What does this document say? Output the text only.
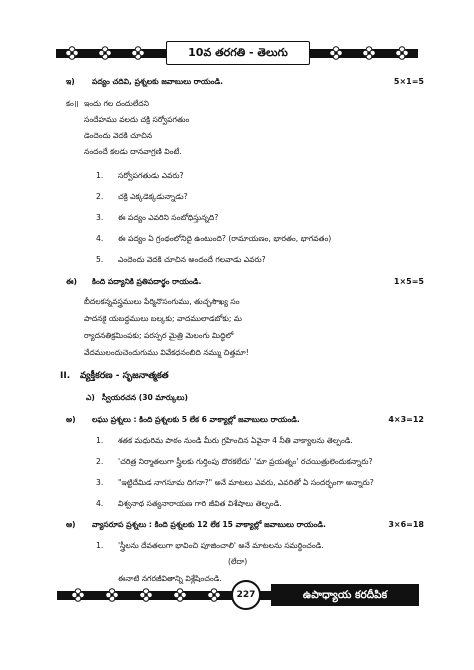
10వ తరగతి - తెలుగు
ఇ) పద్యం చదివి, ప్రశ్నలకు జవాబులు రాయండి.	5×1=5
కం॥ ఇందు గల దందులేదని
సందేహము వలదు చక్రి సర్వోపగతుం
డెందెందు వెదకి చూచిన
నందందే కలడు దానవాగ్రణి వింటే.
1. సర్వోపగతుడు ఎవరు?
2. చక్రి ఎక్కడెక్కడున్నాడు?
3. ఈ పద్యం ఎవరిని సంబోధిస్తున్నది?
4. ఈ పద్యం ఏ గ్రంథంలోనిదై ఉంటుంది? (రామాయణం, భారతం, భాగవతం)
5. ఎందెందు వెదకి చూచిన అందందే గలవాడు ఎవరు?
ఈ) కింది పద్యానికి ప్రతిపదార్థం రాయండి.	1×5=5
బీదలకన్నవస్త్రములు పేర్మినొసంగుము, తుచ్ఛసౌఖ్య సం
పాదనకై యబద్ధములు బల్కకు; వాదములాడబోకు; మ
ర్యాదనతిక్రమింపకు; పరస్పర మైత్రి మెలంగు మిద్ధిలో
వేదములందుచెందుగుము వివేకధనంబిది నమ్ము చిత్తమా!
II. వ్యక్తీకరణ - సృజనాత్మకత
ఎ) స్వీయరచన (30 మార్కులు)
అ) లఘు ప్రశ్నలు : కింది ప్రశ్నలకు 5 లేక 6 వాక్యాల్లో జవాబులు రాయండి.	4×3=12
1. శతక మధురిమ పాఠం నుండి మీరు గ్రహించిన ఏవైనా 4 నీతి వాక్యాలను తెల్పండి.
2. 'చరిత్ర నిర్మాతలుగా స్త్రీలకు గుర్తింపు దొరకలేదు' 'మా ప్రయత్నం' రచయిత్రులెందుకన్నారు?
3. "ఇట్టిదేమిడ నాగసూమ దిగనా?" అనే మాటలు ఎవరు, ఎవరితో ఏ సందర్భంగా అన్నారు?
4. విశ్వనాథ సత్యనారాయణ గారి జీవిత విశేషాలు తెల్పండి.
ఆ) వ్యాసరూప ప్రశ్నలు : కింది ప్రశ్నలకు 12 లేక 15 వాక్యాల్లో జవాబులు రాయండి.	3×6=18
1. 'స్త్రీలను దేవతలుగా భావించి పూజించాలి' అనే మాటలను సమర్థించండి.
(లేదా)
ఈనాటి నగరజీవితాన్ని విశ్లేషించండి.
227	ఉపాధ్యాయ కరదీపిక
